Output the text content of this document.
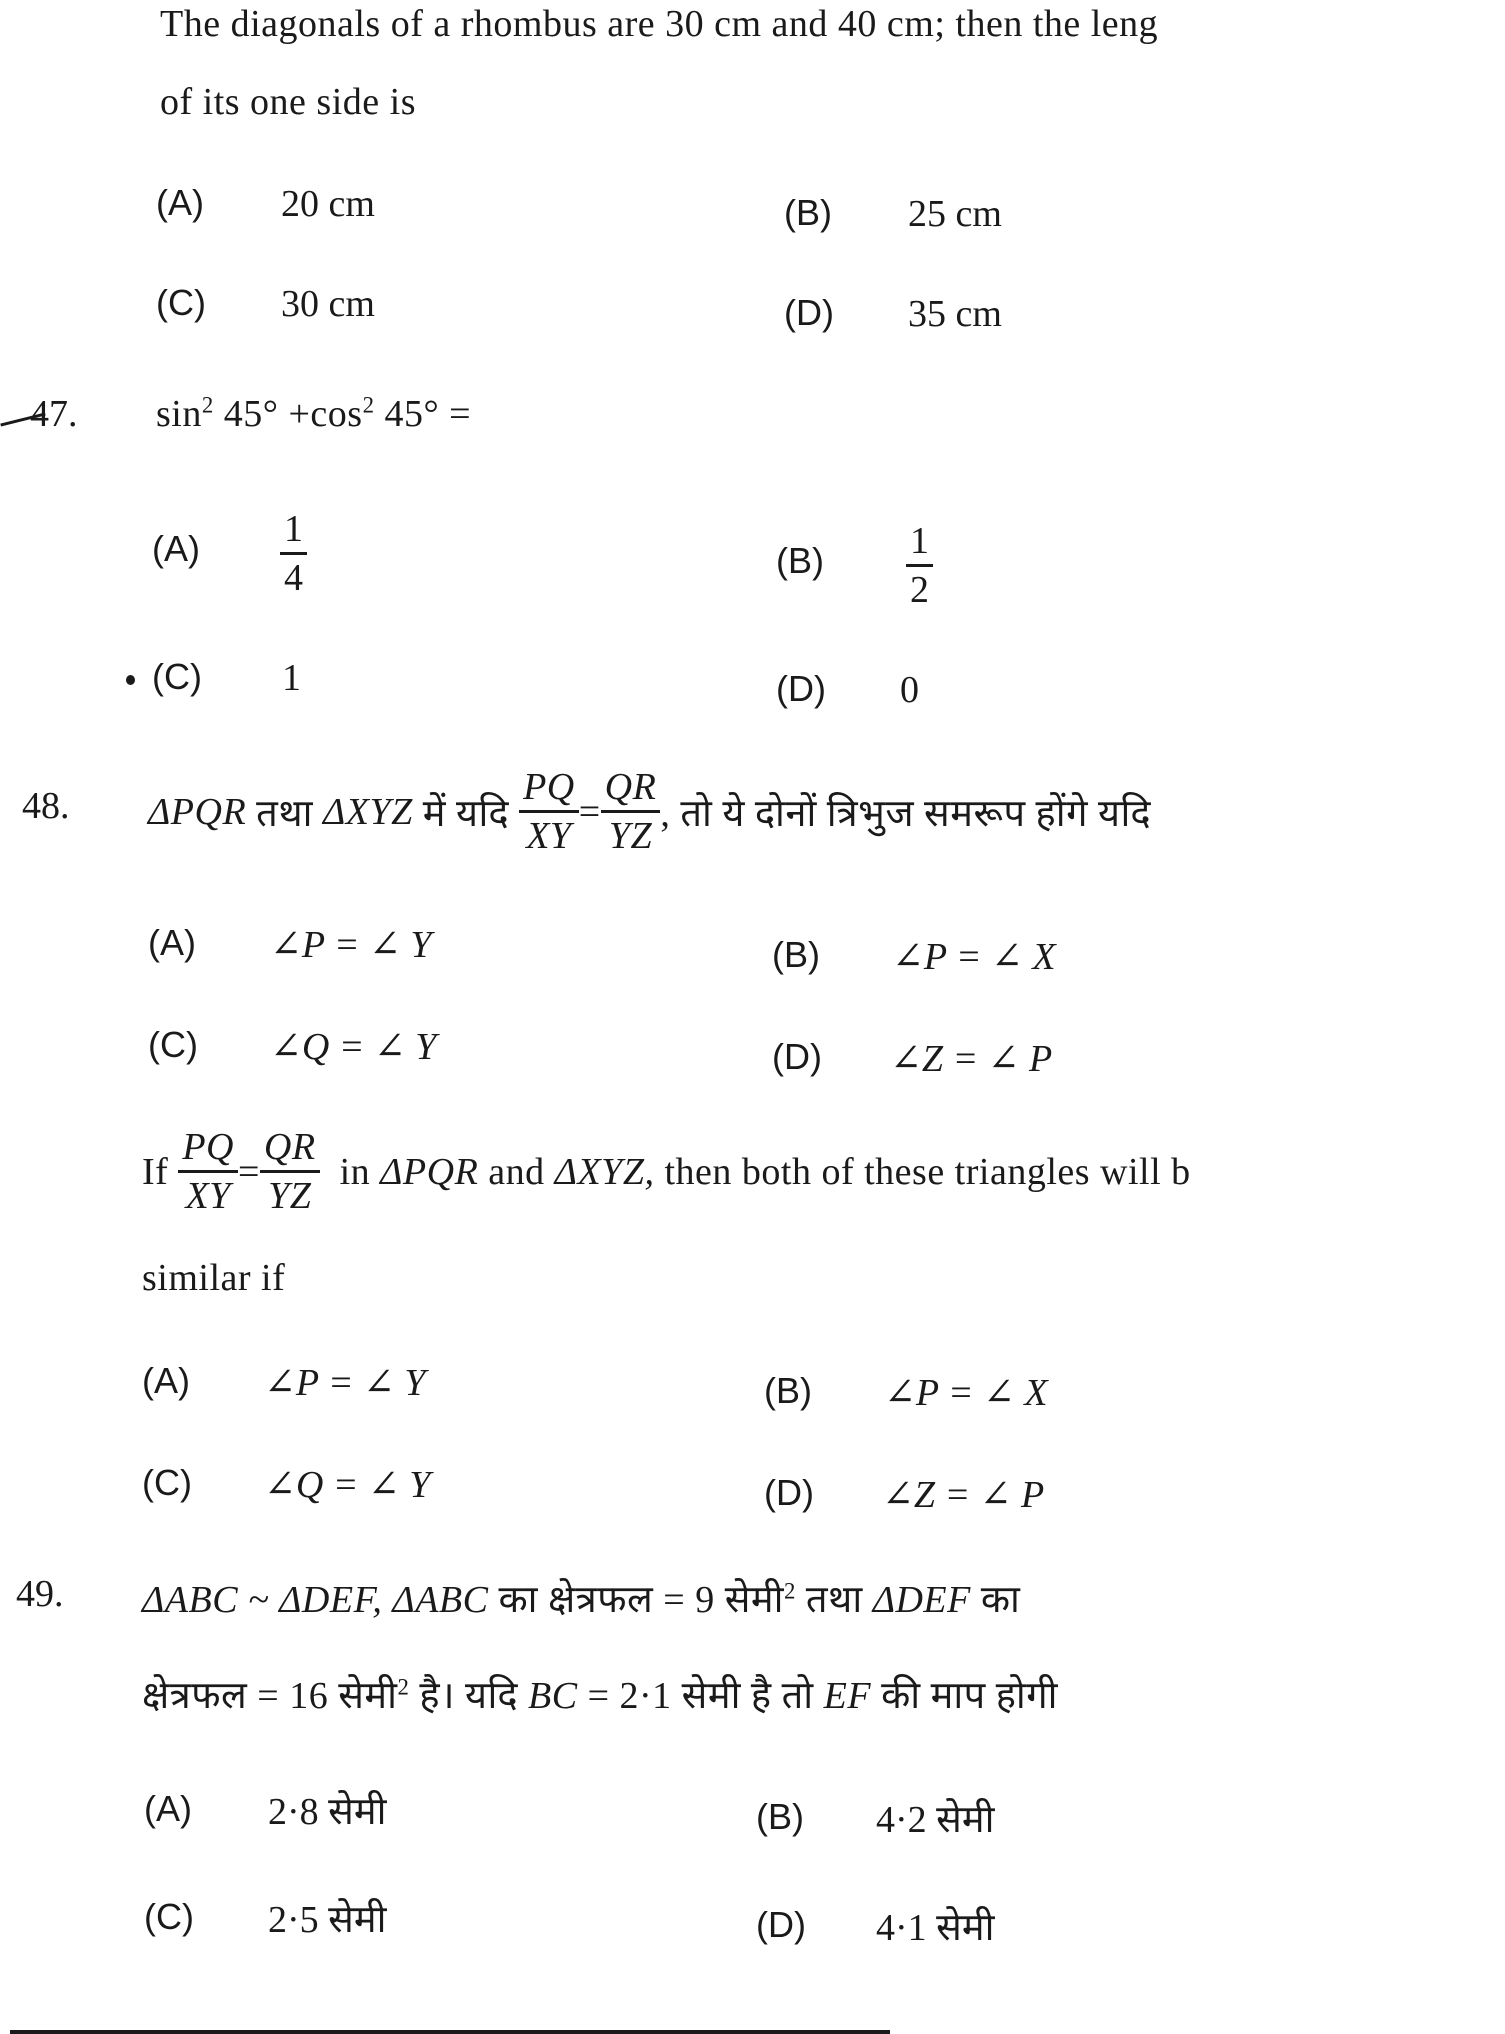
The diagonals of a rhombus are 30 cm and 40 cm; then the leng
of its one side is
(A) 20 cm	(B) 25 cm
(C) 30 cm	(D) 35 cm
47. $\sin^2 45^\circ +\cos^2$ 45° =
$(A) \frac{1}{4}$	$(B) \frac{1}{2}$
(C) 1	(D) 0
48. ΔPQR तथा ΔXYZ में यदि $\frac{PQ}{XY} = \frac{QR}{YZ}$ , तो ये दोनों त्रिभुज समरूप होंगे यदि
(A) ∠P = ∠ Y	(B) ∠P = ∠ X
(C) ∠Q = ∠ Y	(D) ∠Z = ∠ P
If $\frac{PQ}{XY} = \frac{QR}{YZ}$ in ΔPQR and ΔXYZ, then both of these triangles will b
similar if
(A) ∠P = ∠ Y	(B) ∠P = ∠ X
(C) ∠Q = ∠ Y	(D) ∠Z = ∠ P
49. ΔABC ~ ΔDEF, ΔABC का क्षेत्रफल = 9 सेमी$^2$ तथा ΔDEF का
क्षेत्रफल = 16 सेमी$^2$ है। यदि BC = 2·1 सेमी है तो EF की माप होगी
(A) 2·8 सेमी	(B) 4·2 सेमी
(C) 2·5 सेमी	(D) 4·1 सेमी
